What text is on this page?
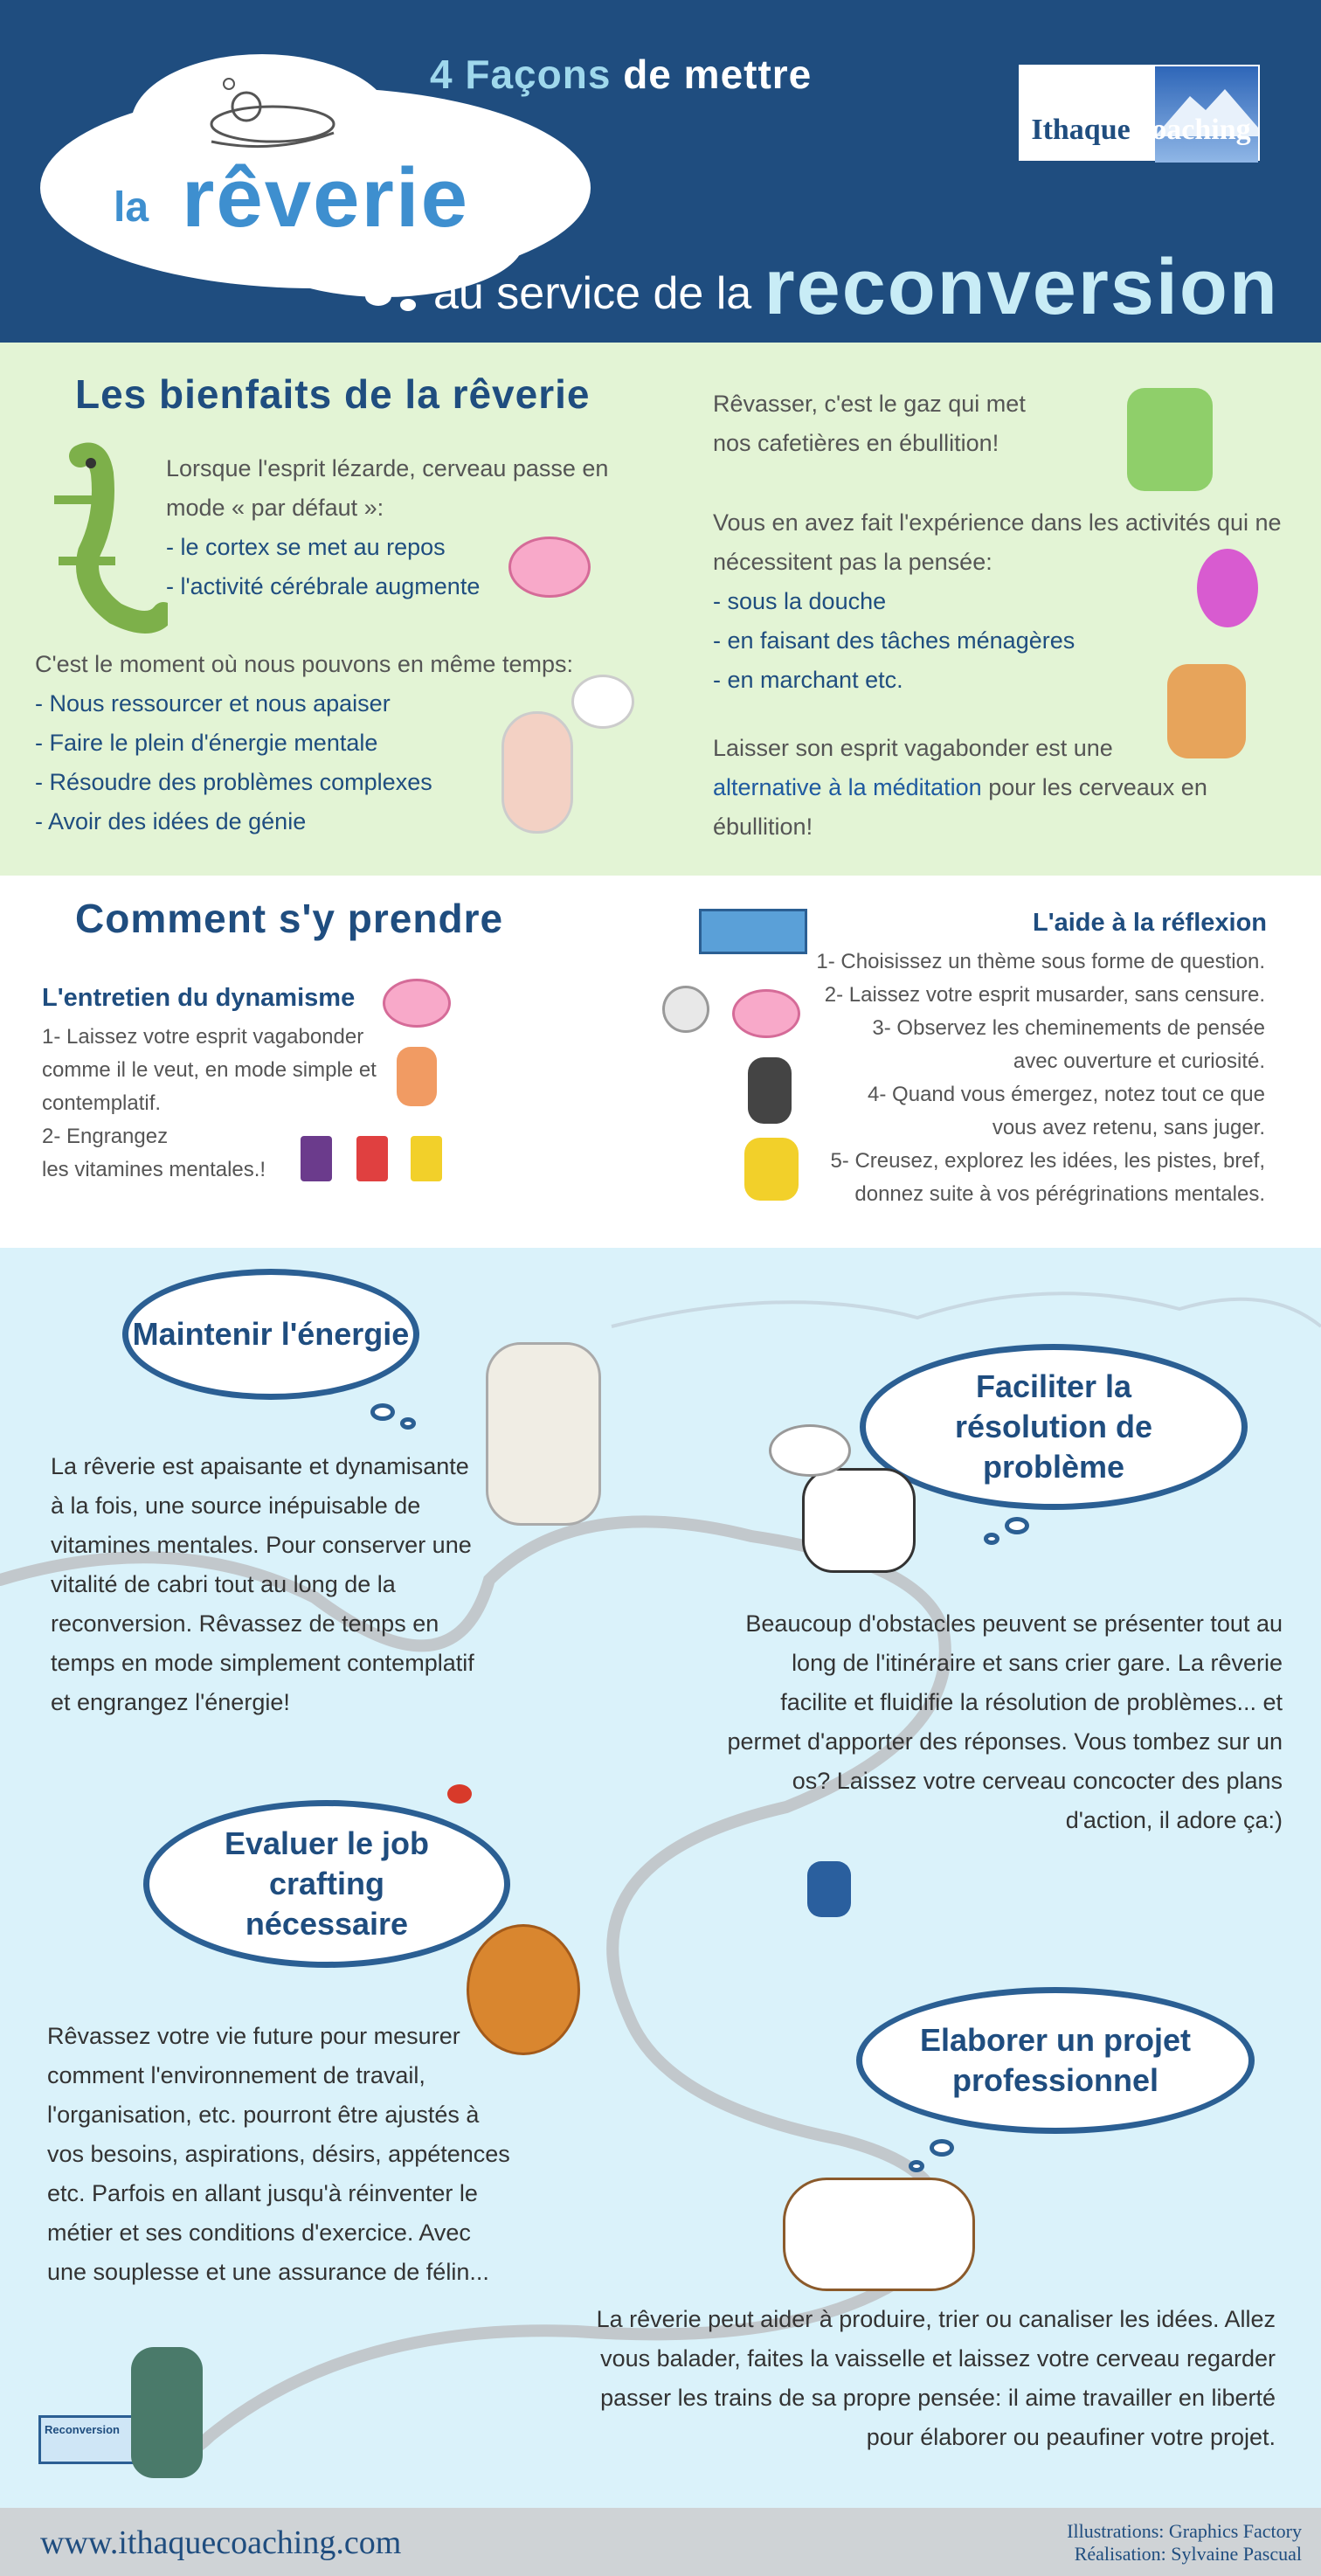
4 Façons de mettre
la rêverie
au service de la reconversion
IthaqueCoaching
Les bienfaits de la rêverie
Lorsque l'esprit lézarde, cerveau passe en
mode « par défaut »:
- le cortex se met au repos
- l'activité cérébrale augmente
C'est le moment où nous pouvons en même temps:
- Nous ressourcer et nous apaiser
- Faire le plein d'énergie mentale
- Résoudre des problèmes complexes
- Avoir des idées de génie
Rêvasser, c'est le gaz qui met
nos cafetières en ébullition!
Vous en avez fait l'expérience dans les activités qui ne
nécessitent pas la pensée:
- sous la douche
- en faisant des tâches ménagères
- en marchant etc.
Laisser son esprit vagabonder est une
alternative à la méditation pour les cerveaux en
ébullition!
Comment s'y prendre
L'entretien du dynamisme
1- Laissez votre esprit vagabonder
comme il le veut, en mode simple et
contemplatif.
2- Engrangez
les vitamines mentales.!
L'aide à la réflexion
1- Choisissez un thème sous forme de question.
2- Laissez votre esprit musarder, sans censure.
3- Observez les cheminements de pensée
avec ouverture et curiosité.
4- Quand vous émergez, notez tout ce que
vous avez retenu, sans juger.
5- Creusez, explorez les idées, les pistes, bref,
donnez suite à vos pérégrinations mentales.
Maintenir l'énergie
La rêverie est apaisante et dynamisante
à la fois, une source inépuisable de
vitamines mentales. Pour conserver une
vitalité de cabri tout au long de la
reconversion. Rêvassez de temps en
temps en mode simplement contemplatif
et engrangez l'énergie!
Faciliter la résolution de problème
Beaucoup d'obstacles peuvent se présenter tout au
long de l'itinéraire et sans crier gare. La rêverie
facilite et fluidifie la résolution de problèmes... et
permet d'apporter des réponses. Vous tombez sur un
os? Laissez votre cerveau concocter des plans
d'action, il adore ça:)
Evaluer le job crafting nécessaire
Rêvassez votre vie future pour mesurer
comment l'environnement de travail,
l'organisation, etc. pourront être ajustés à
vos besoins, aspirations, désirs, appétences
etc. Parfois en allant jusqu'à réinventer le
métier et ses conditions d'exercice. Avec
une souplesse et une assurance de félin...
Elaborer un projet professionnel
La rêverie peut aider à produire, trier ou canaliser les idées. Allez
vous balader, faites la vaisselle et laissez votre cerveau regarder
passer les trains de sa propre pensée: il aime travailler en liberté
pour élaborer ou peaufiner votre projet.
Reconversion
www.ithaquecoaching.com	Illustrations: Graphics Factory
Réalisation: Sylvaine Pascual
